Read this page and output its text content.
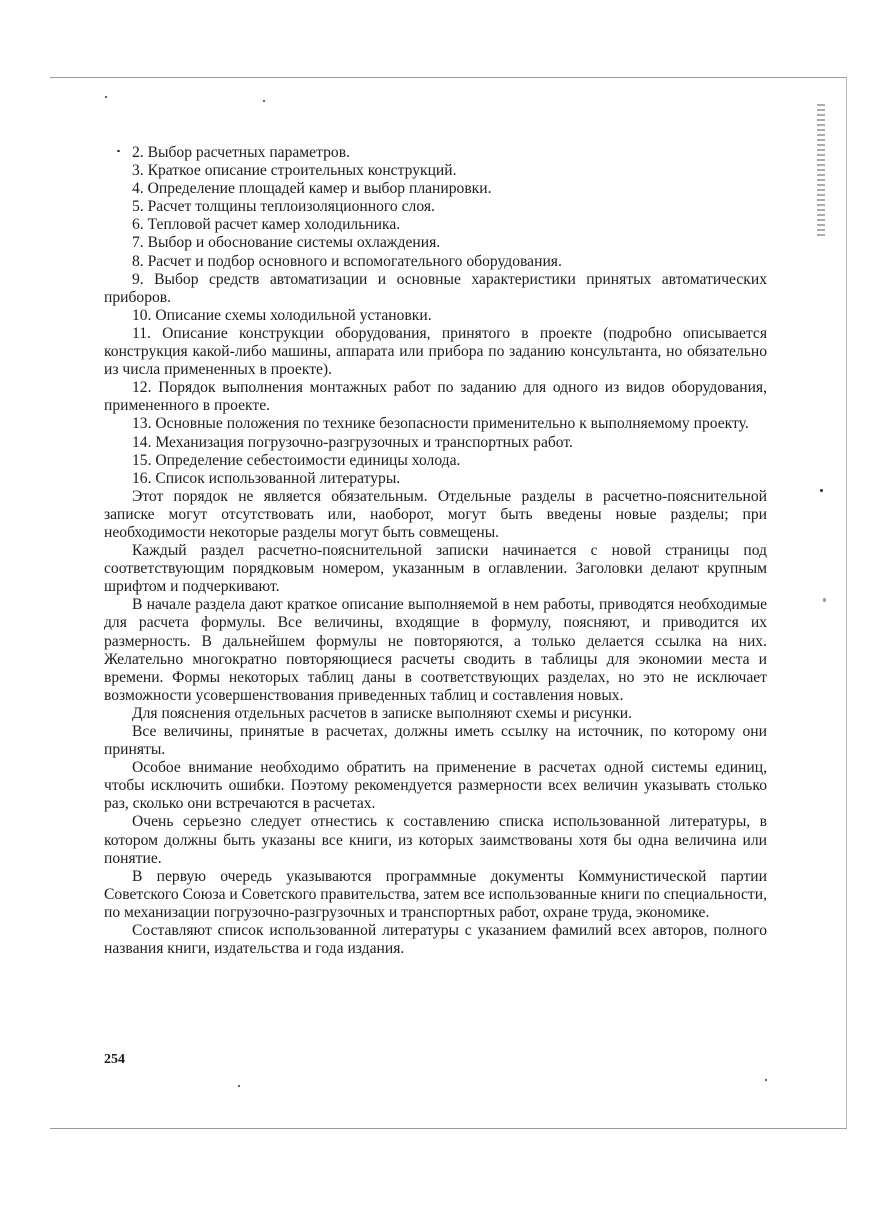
2. Выбор расчетных параметров.

3. Краткое описание строительных конструкций.

4. Определение площадей камер и выбор планировки.

5. Расчет толщины теплоизоляционного слоя.

6. Тепловой расчет камер холодильника.

7. Выбор и обоснование системы охлаждения.

8. Расчет и подбор основного и вспомогательного оборудования.

9. Выбор средств автоматизации и основные характеристики принятых автоматических приборов.

10. Описание схемы холодильной установки.

11. Описание конструкции оборудования, принятого в проекте (подробно описывается конструкция какой-либо машины, аппарата или прибора по заданию консультанта, но обязательно из числа примененных в проекте).

12. Порядок выполнения монтажных работ по заданию для одного из видов оборудования, примененного в проекте.

13. Основные положения по технике безопасности применительно к выполняемому проекту.

14. Механизация погрузочно-разгрузочных и транспортных работ.

15. Определение себестоимости единицы холода.

16. Список использованной литературы.

Этот порядок не является обязательным. Отдельные разделы в расчетно-пояснительной записке могут отсутствовать или, наоборот, могут быть введены новые разделы; при необходимости некоторые разделы могут быть совмещены.

Каждый раздел расчетно-пояснительной записки начинается с новой страницы под соответствующим порядковым номером, указанным в оглавлении. Заголовки делают крупным шрифтом и подчеркивают.

В начале раздела дают краткое описание выполняемой в нем работы, приводятся необходимые для расчета формулы. Все величины, входящие в формулу, поясняют, и приводится их размерность. В дальнейшем формулы не повторяются, а только делается ссылка на них. Желательно многократно повторяющиеся расчеты сводить в таблицы для экономии места и времени. Формы некоторых таблиц даны в соответствующих разделах, но это не исключает возможности усовершенствования приведенных таблиц и составления новых.

Для пояснения отдельных расчетов в записке выполняют схемы и рисунки.

Все величины, принятые в расчетах, должны иметь ссылку на источник, по которому они приняты.

Особое внимание необходимо обратить на применение в расчетах одной системы единиц, чтобы исключить ошибки. Поэтому рекомендуется размерности всех величин указывать столько раз, сколько они встречаются в расчетах.

Очень серьезно следует отнестись к составлению списка использованной литературы, в котором должны быть указаны все книги, из которых заимствованы хотя бы одна величина или понятие.

В первую очередь указываются программные документы Коммунистической партии Советского Союза и Советского правительства, затем все использованные книги по специальности, по механизации погрузочно-разгрузочных и транспортных работ, охране труда, экономике.

Составляют список использованной литературы с указанием фамилий всех авторов, полного названия книги, издательства и года издания.

254
